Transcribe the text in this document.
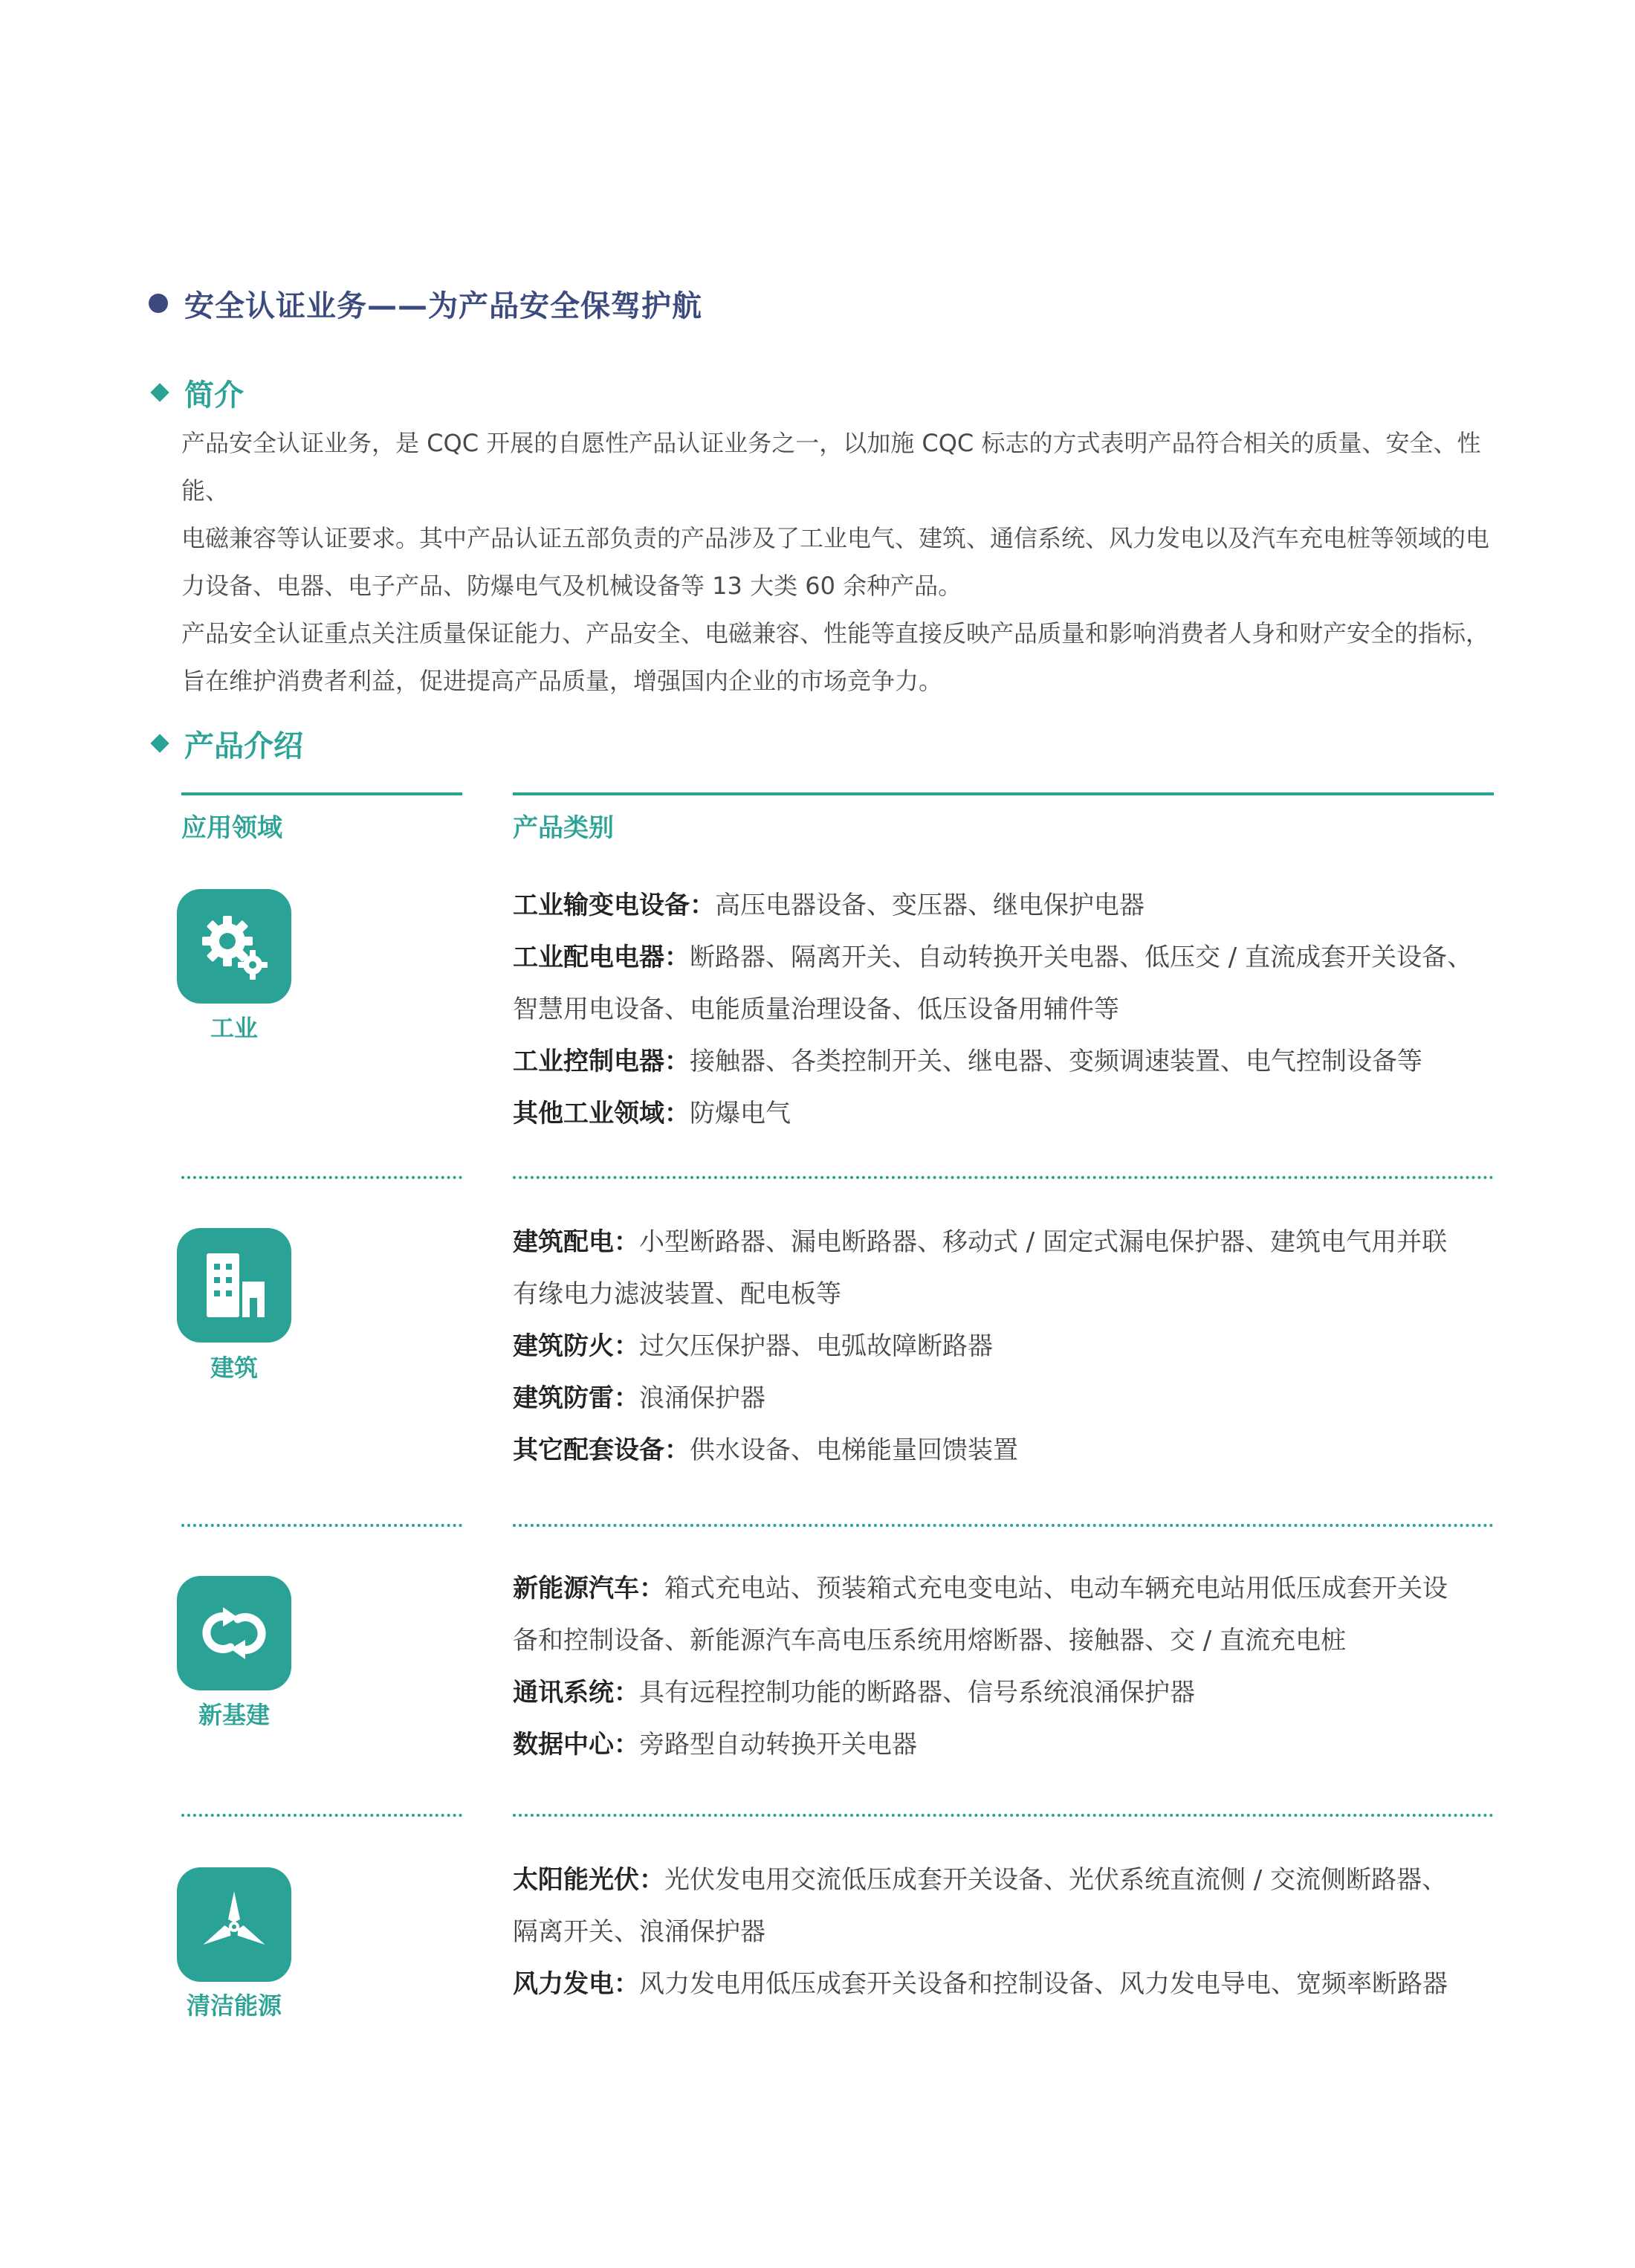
安全认证业务——为产品安全保驾护航
简介

产品安全认证业务，是 CQC 开展的自愿性产品认证业务之一，以加施 CQC 标志的方式表明产品符合相关的质量、安全、性能、

电磁兼容等认证要求。其中产品认证五部负责的产品涉及了工业电气、建筑、通信系统、风力发电以及汽车充电桩等领域的电

力设备、电器、电子产品、防爆电气及机械设备等 13 大类 60 余种产品。

产品安全认证重点关注质量保证能力、产品安全、电磁兼容、性能等直接反映产品质量和影响消费者人身和财产安全的指标，

旨在维护消费者利益，促进提高产品质量，增强国内企业的市场竞争力。

产品介绍
应用领域	产品类别
工业
工业输变电设备：高压电器设备、变压器、继电保护电器
工业配电电器：断路器、隔离开关、自动转换开关电器、低压交 / 直流成套开关设备、
智慧用电设备、电能质量治理设备、低压设备用辅件等
工业控制电器：接触器、各类控制开关、继电器、变频调速装置、电气控制设备等
其他工业领域：防爆电气
建筑
建筑配电：小型断路器、漏电断路器、移动式 / 固定式漏电保护器、建筑电气用并联
有缘电力滤波装置、配电板等
建筑防火：过欠压保护器、电弧故障断路器
建筑防雷：浪涌保护器
其它配套设备：供水设备、电梯能量回馈装置
新基建
新能源汽车：箱式充电站、预装箱式充电变电站、电动车辆充电站用低压成套开关设
备和控制设备、新能源汽车高电压系统用熔断器、接触器、交 / 直流充电桩
通讯系统：具有远程控制功能的断路器、信号系统浪涌保护器
数据中心：旁路型自动转换开关电器
清洁能源
太阳能光伏：光伏发电用交流低压成套开关设备、光伏系统直流侧 / 交流侧断路器、
隔离开关、浪涌保护器
风力发电：风力发电用低压成套开关设备和控制设备、风力发电导电、宽频率断路器
